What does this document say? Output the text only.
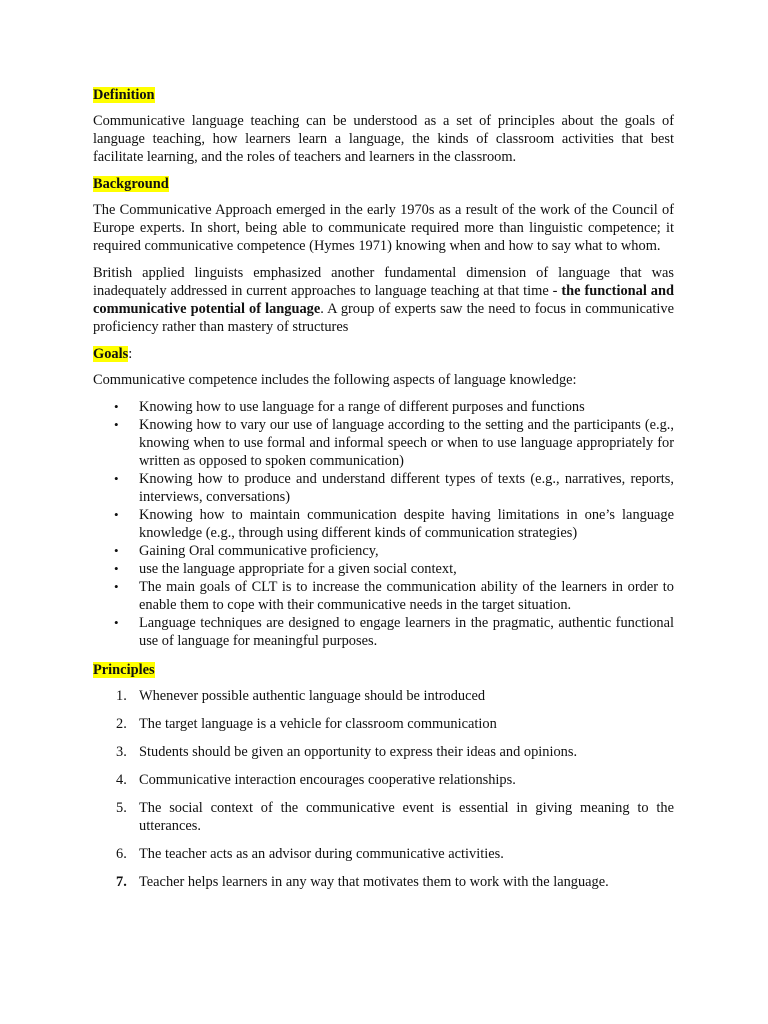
Definition

Communicative language teaching can be understood as a set of principles about the goals of language teaching, how learners learn a language, the kinds of classroom activities that best facilitate learning, and the roles of teachers and learners in the classroom.

Background

The Communicative Approach emerged in the early 1970s as a result of the work of the Council of Europe experts. In short, being able to communicate required more than linguistic competence; it required communicative competence (Hymes 1971) knowing when and how to say what to whom.

British applied linguists emphasized another fundamental dimension of language that was inadequately addressed in current approaches to language teaching at that time - the functional and communicative potential of language. A group of experts saw the need to focus in communicative proficiency rather than mastery of structures

Goals:

Communicative competence includes the following aspects of language knowledge:

• Knowing how to use language for a range of different purposes and functions
• Knowing how to vary our use of language according to the setting and the participants (e.g., knowing when to use formal and informal speech or when to use language appropriately for written as opposed to spoken communication)
• Knowing how to produce and understand different types of texts (e.g., narratives, reports, interviews, conversations)
• Knowing how to maintain communication despite having limitations in one’s language knowledge (e.g., through using different kinds of communication strategies)
• Gaining Oral communicative proficiency,
• use the language appropriate for a given social context,
• The main goals of CLT is to increase the communication ability of the learners in order to enable them to cope with their communicative needs in the target situation.
• Language techniques are designed to engage learners in the pragmatic, authentic functional use of language for meaningful purposes.
Principles
1. Whenever possible authentic language should be introduced
2. The target language is a vehicle for classroom communication
3. Students should be given an opportunity to express their ideas and opinions.
4. Communicative interaction encourages cooperative relationships.
5. The social context of the communicative event is essential in giving meaning to the utterances.
6. The teacher acts as an advisor during communicative activities.
7. Teacher helps learners in any way that motivates them to work with the language.
